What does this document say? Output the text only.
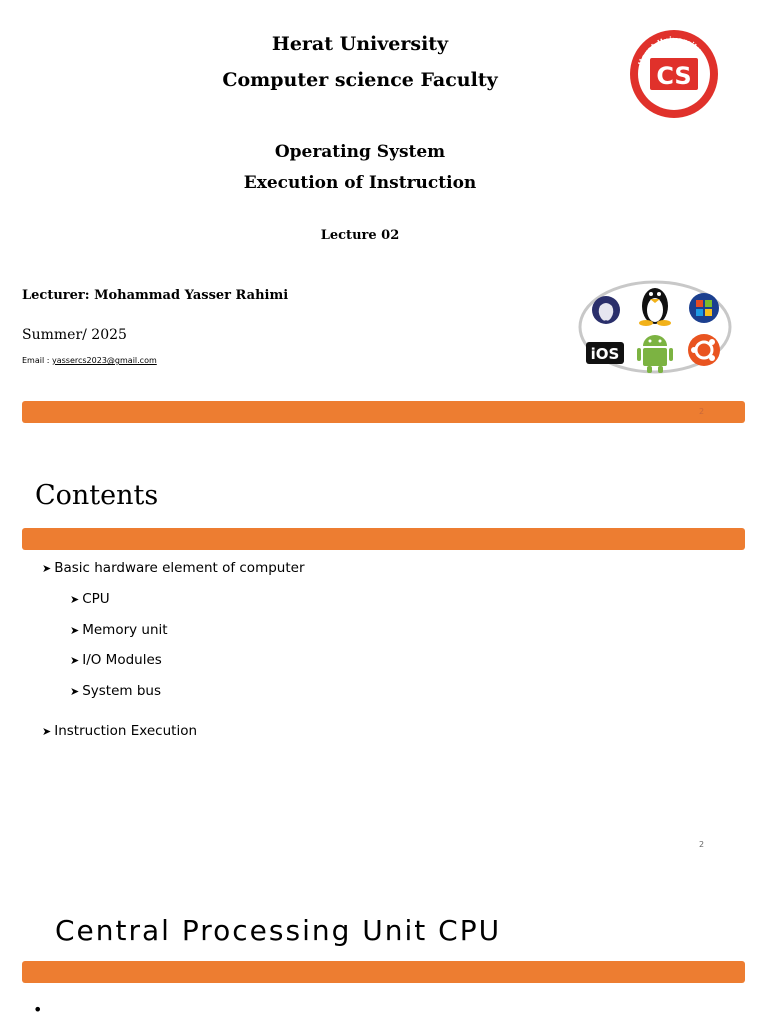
Herat University
Computer science Faculty
Operating System
Execution of Instruction
Lecture 02
Herat University
2007 / ١٣٨٦
CS
Lecturer: Mohammad Yasser Rahimi
Summer/ 2025
Email : yassercs2023@gmail.com	iOS
2
Contents
➤ Basic hardware element of computer
➤ CPU
➤ Memory unit
➤ I/O Modules
➤ System bus
➤ Instruction Execution
2
Central Processing Unit CPU
•
